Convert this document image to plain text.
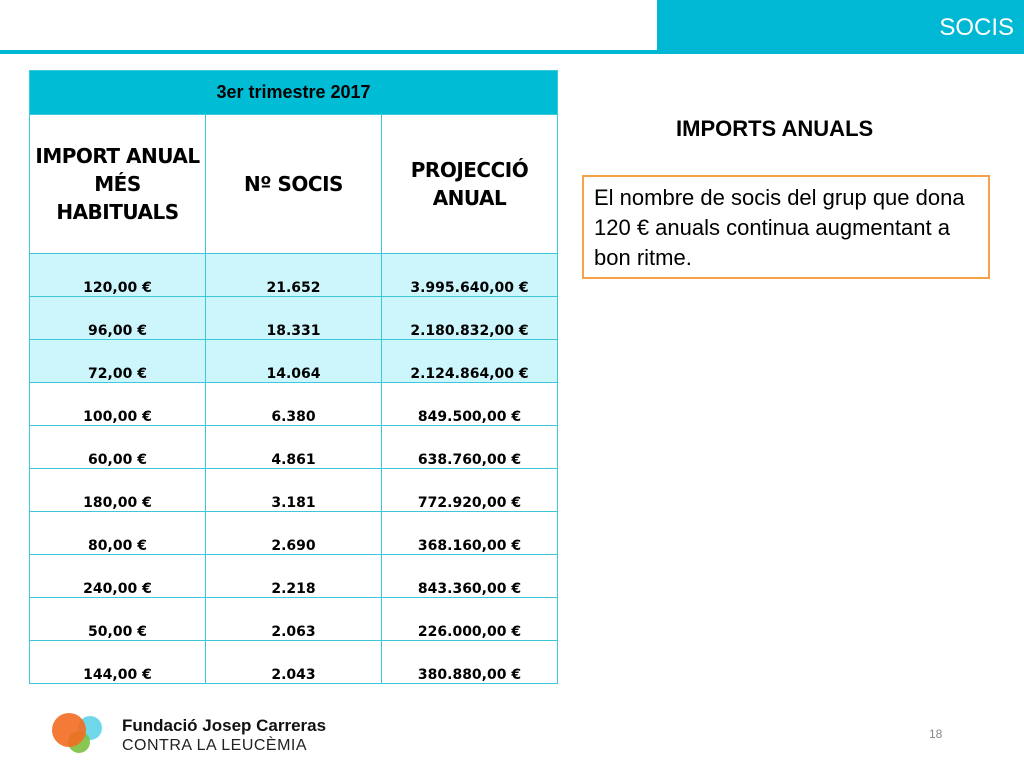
SOCIS
3er trimestre 2017		
IMPORT ANUAL MÉS HABITUALS	Nº SOCIS	PROJECCIÓ ANUAL
120,00 €	21.652	3.995.640,00 €
96,00 €	18.331	2.180.832,00 €
72,00 €	14.064	2.124.864,00 €
100,00 €	6.380	849.500,00 €
60,00 €	4.861	638.760,00 €
180,00 €	3.181	772.920,00 €
80,00 €	2.690	368.160,00 €
240,00 €	2.218	843.360,00 €
50,00 €	2.063	226.000,00 €
144,00 €	2.043	380.880,00 €
IMPORTS ANUALS
El nombre de socis del grup que dona 120 € anuals continua augmentant a bon ritme.
Fundació Josep Carreras
CONTRA LA LEUCÈMIA
18
